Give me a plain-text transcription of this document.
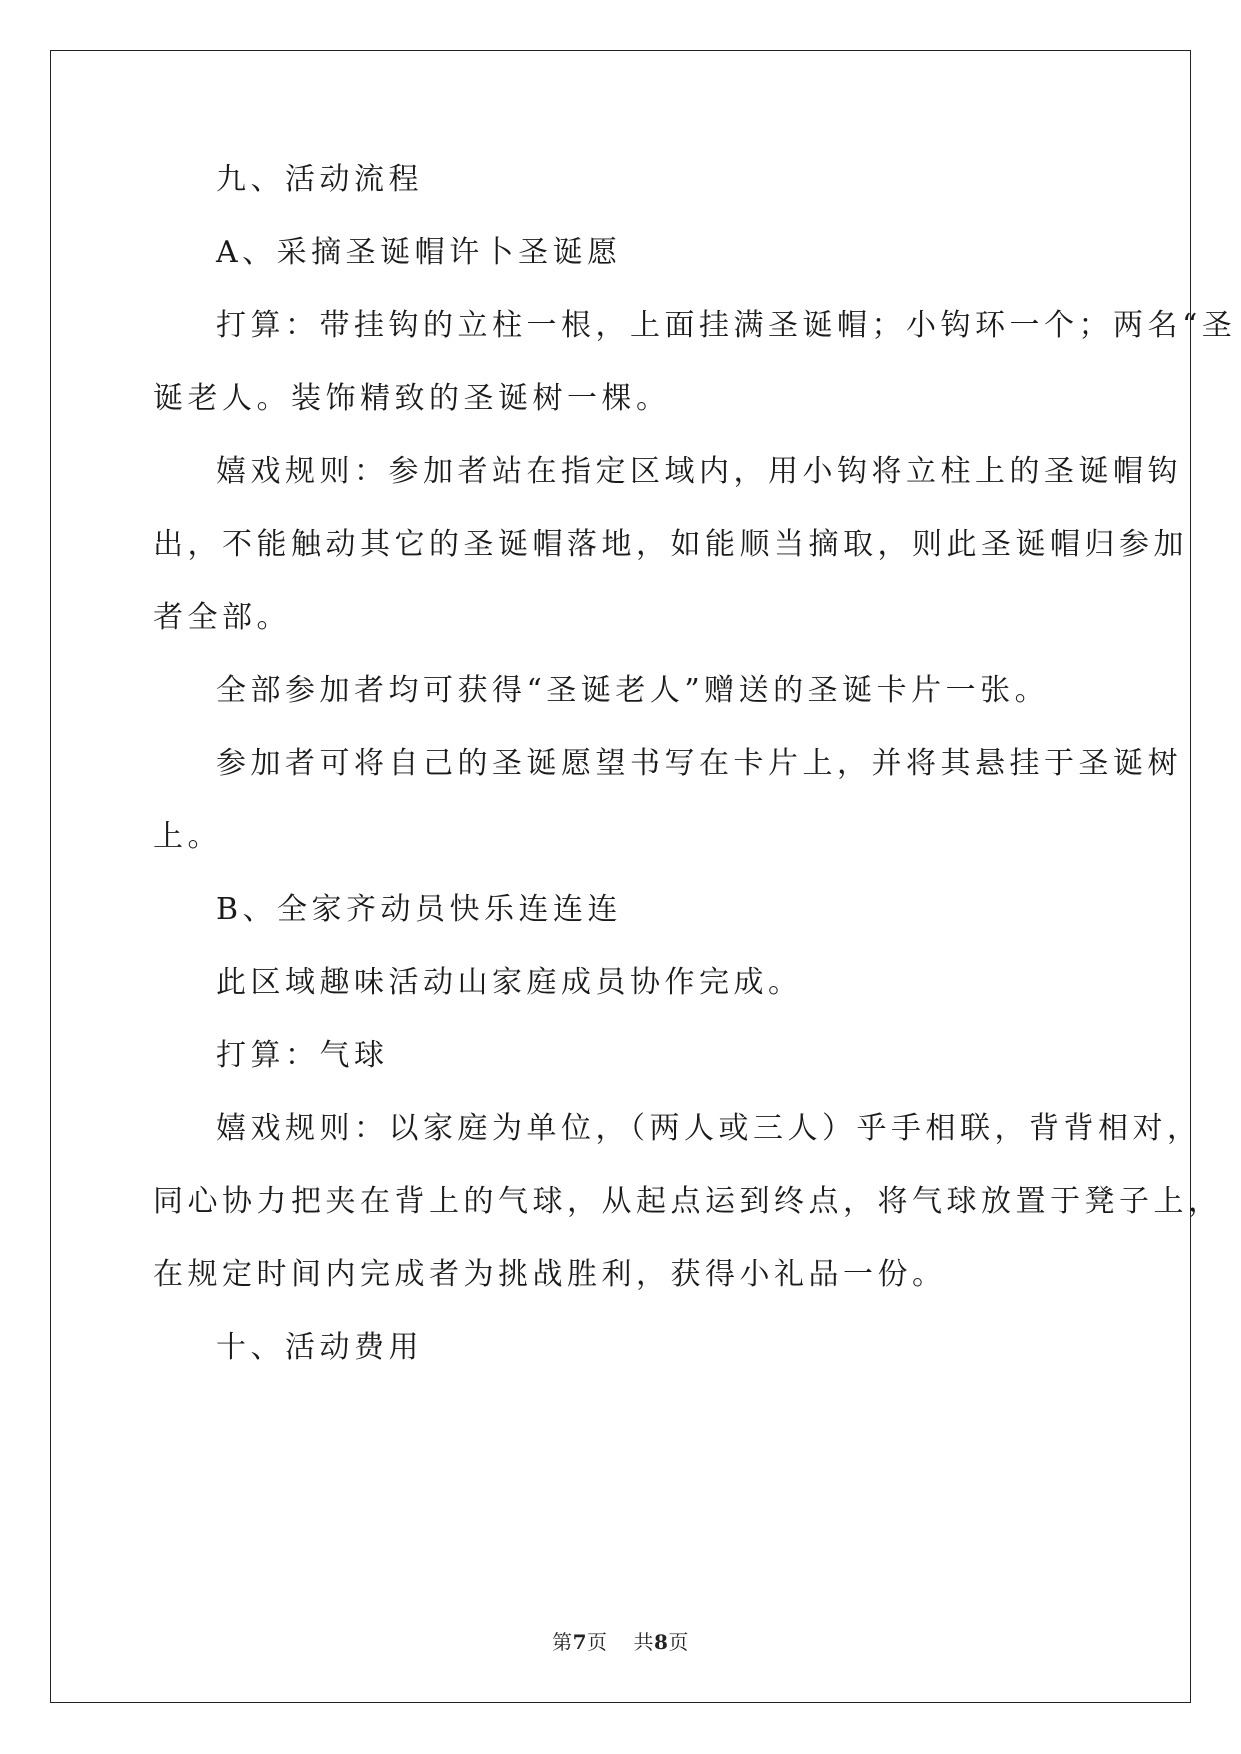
九、活动流程
A、采摘圣诞帽许卜圣诞愿
打算：带挂钩的立柱一根，上面挂满圣诞帽；小钩环一个；两名“圣
诞老人。装饰精致的圣诞树一棵。
嬉戏规则：参加者站在指定区域内，用小钩将立柱上的圣诞帽钩
出，不能触动其它的圣诞帽落地，如能顺当摘取，则此圣诞帽归参加
者全部。
全部参加者均可获得“圣诞老人”赠送的圣诞卡片一张。
参加者可将自己的圣诞愿望书写在卡片上，并将其悬挂于圣诞树
上。
B、全家齐动员快乐连连连
此区域趣味活动山家庭成员协作完成。
打算：气球
嬉戏规则：以家庭为单位，（两人或三人）乎手相联，背背相对，
同心协力把夹在背上的气球，从起点运到终点，将气球放置于凳子上，
在规定时间内完成者为挑战胜利，获得小礼品一份。
十、活动费用
第7页 共8页
